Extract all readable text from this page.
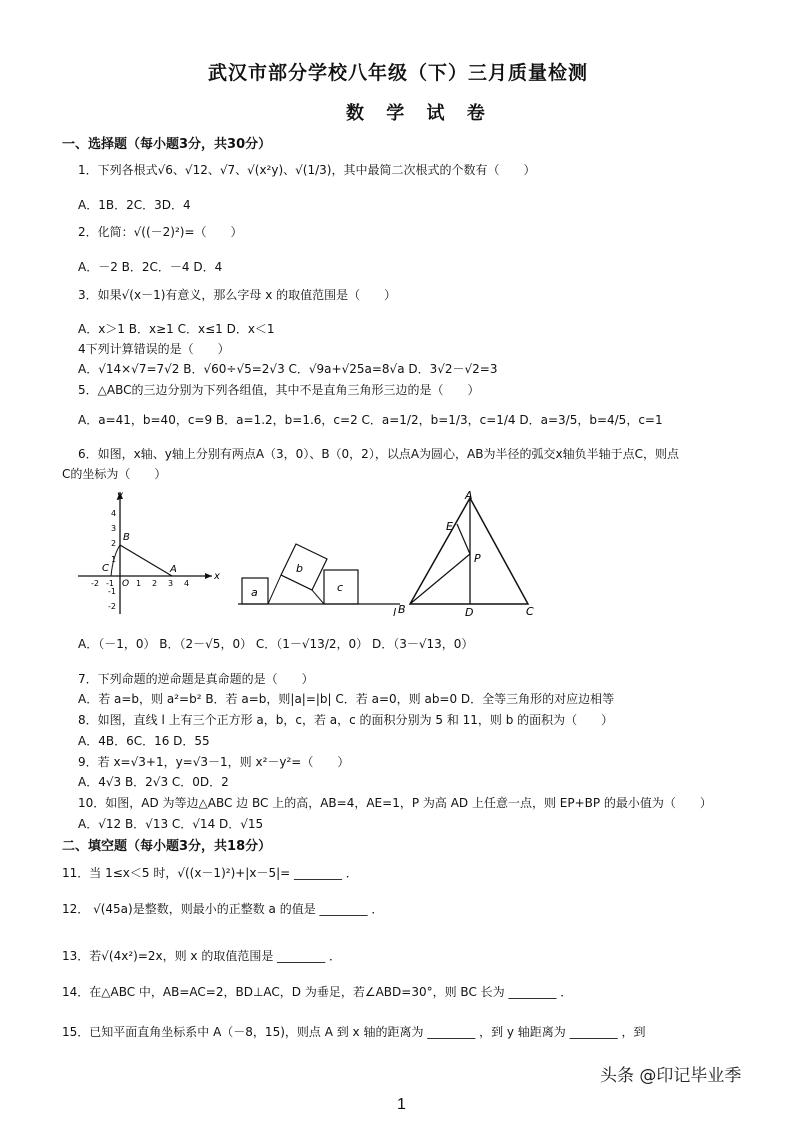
武汉市部分学校八年级（下）三月质量检测
数 学 试 卷
一、选择题（每小题3分，共30分）
1．下列各根式√6、√12、√7、√(x²y)、√(1/3)，其中最简二次根式的个数有（　　）
A．1B．2C．3D．4
2．化简：√((－2)²)=（　　）
A．－2 B．2C．－4 D．4
3．如果√(x－1)有意义，那么字母 x 的取值范围是（　　）
A．x＞1 B．x≥1 C．x≤1 D．x＜1
4下列计算错误的是（　　）
A．√14×√7=7√2 B．√60÷√5=2√3 C．√9a+√25a=8√a D．3√2－√2=3
5．△ABC的三边分别为下列各组值，其中不是直角三角形三边的是（　　）
A．a=41，b=40，c=9 B．a=1.2，b=1.6，c=2 C．a=1/2，b=1/3，c=1/4 D．a=3/5，b=4/5，c=1
6．如图，x轴、y轴上分别有两点A（3，0）、B（0，2），以点A为圆心，AB为半径的弧交x轴负半轴于点C，则点
C的坐标为（　　）
x
y
4
3
2
1
-1
-2
-2 -1	1 2 3 4
O
A
B
C
a
b
c
l
A
B	C
D
E
P
A．（－1，0） B．（2－√5，0） C．（1－√13/2，0） D．（3－√13，0）
7．下列命题的逆命题是真命题的是（　　）
A．若 a=b，则 a²=b² B．若 a=b，则|a|=|b| C．若 a=0，则 ab=0 D．全等三角形的对应边相等
8．如图，直线 l 上有三个正方形 a，b，c，若 a，c 的面积分别为 5 和 11，则 b 的面积为（　　）
A．4B．6C．16 D．55
9．若 x=√3+1，y=√3－1，则 x²－y²=（　　）
A．4√3 B．2√3 C．0D．2
10．如图，AD 为等边△ABC 边 BC 上的高，AB=4，AE=1，P 为高 AD 上任意一点，则 EP+BP 的最小值为（　　）
A．√12 B．√13 C．√14 D．√15
二、填空题（每小题3分，共18分）
11．当 1≤x＜5 时，√((x－1)²)+|x－5|= ________ ．
12． √(45a)是整数，则最小的正整数 a 的值是 ________ ．
13．若√(4x²)=2x，则 x 的取值范围是 ________ ．
14．在△ABC 中，AB=AC=2，BD⊥AC，D 为垂足，若∠ABD=30°，则 BC 长为 ________ ．
15．已知平面直角坐标系中 A（－8，15)，则点 A 到 x 轴的距离为 ________ ，到 y 轴距离为 ________ ，到
头条 @印记毕业季
1
